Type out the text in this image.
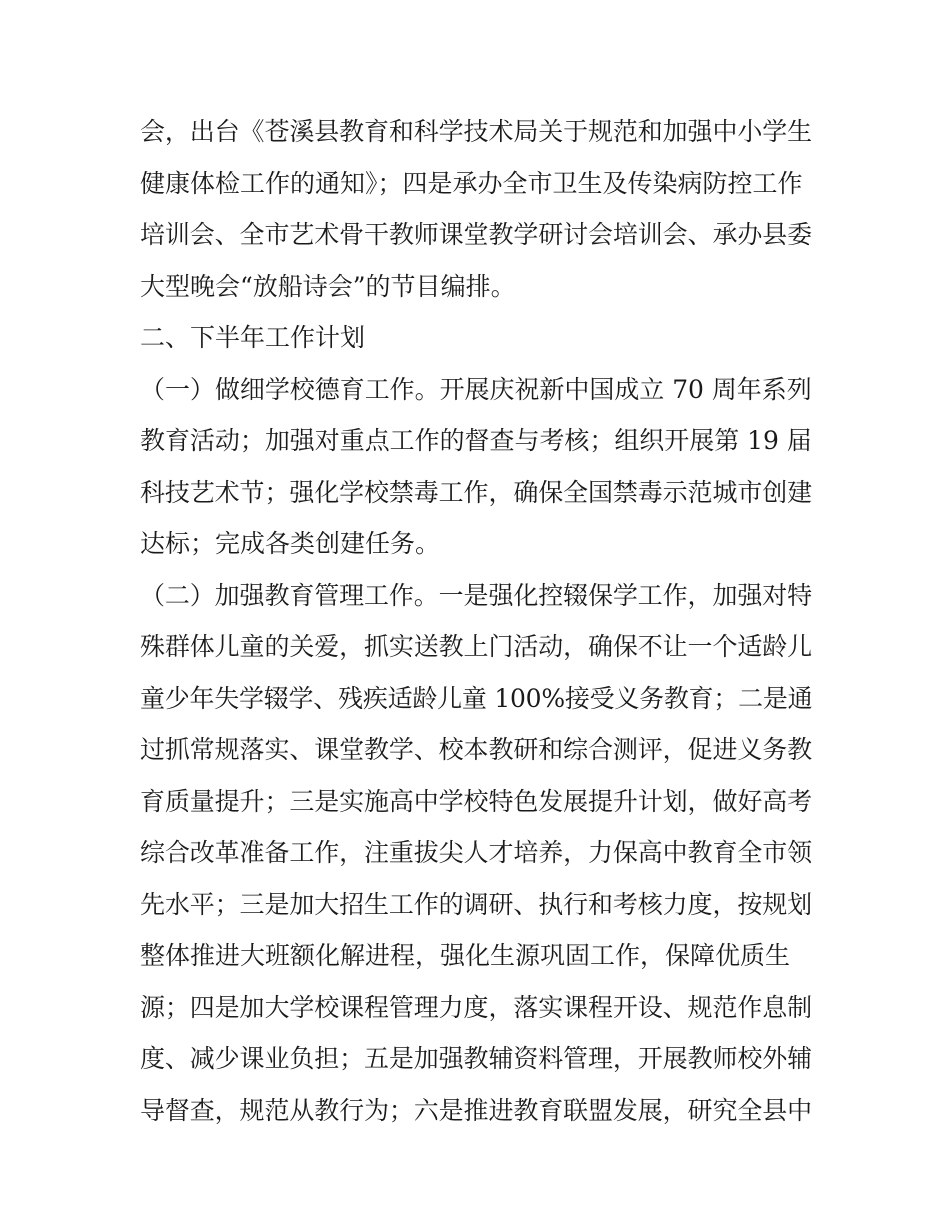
会，出台《苍溪县教育和科学技术局关于规范和加强中小学生
健康体检工作的通知》；四是承办全市卫生及传染病防控工作
培训会、全市艺术骨干教师课堂教学研讨会培训会、承办县委
大型晚会“放船诗会”的节目编排。
二、下半年工作计划
（一）做细学校德育工作。开展庆祝新中国成立 70 周年系列
教育活动；加强对重点工作的督查与考核；组织开展第 19 届
科技艺术节；强化学校禁毒工作，确保全国禁毒示范城市创建
达标；完成各类创建任务。
（二）加强教育管理工作。一是强化控辍保学工作，加强对特
殊群体儿童的关爱，抓实送教上门活动，确保不让一个适龄儿
童少年失学辍学、残疾适龄儿童 100%接受义务教育；二是通
过抓常规落实、课堂教学、校本教研和综合测评，促进义务教
育质量提升；三是实施高中学校特色发展提升计划，做好高考
综合改革准备工作，注重拔尖人才培养，力保高中教育全市领
先水平；三是加大招生工作的调研、执行和考核力度，按规划
整体推进大班额化解进程，强化生源巩固工作，保障优质生
源；四是加大学校课程管理力度，落实课程开设、规范作息制
度、减少课业负担；五是加强教辅资料管理，开展教师校外辅
导督查，规范从教行为；六是推进教育联盟发展，研究全县中
